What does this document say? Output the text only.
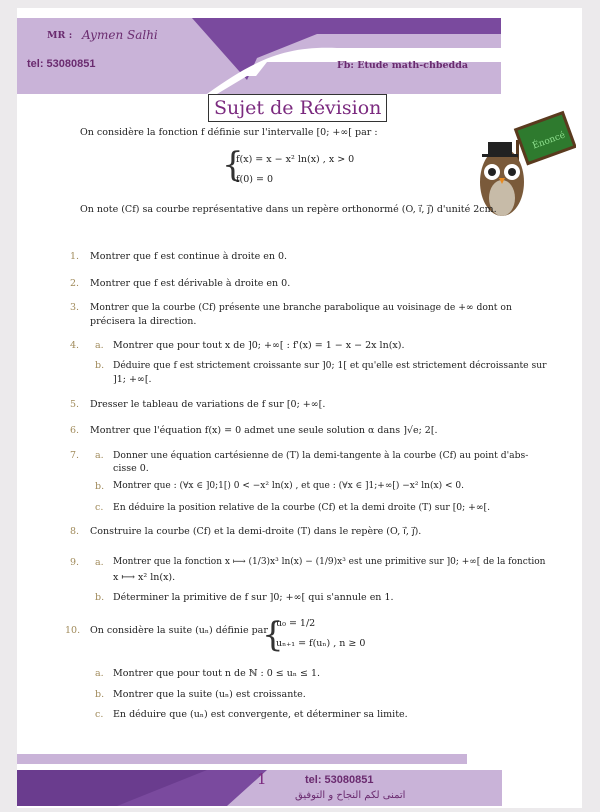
MR : Aymen Salhi
tel: 53080851	Fb: Etude math-chbedda
Sujet de Révision
Énoncé
On considère la fonction f définie sur l'intervalle [0; +∞[ par :
{
f(x) = x − x² ln(x) , x > 0
f(0) = 0
On note (Cf) sa courbe représentative dans un repère orthonormé (O, i⃗, j⃗) d'unité 2cm.
1. Montrer que f est continue à droite en 0.
2. Montrer que f est dérivable à droite en 0.
3. Montrer que la courbe (Cf) présente une branche parabolique au voisinage de +∞ dont on
précisera la direction.
4. a. Montrer que pour tout x de ]0; +∞[ : f'(x) = 1 − x − 2x ln(x).
b. Déduire que f est strictement croissante sur ]0; 1[ et qu'elle est strictement décroissante sur
]1; +∞[.
5. Dresser le tableau de variations de f sur [0; +∞[.
6. Montrer que l'équation f(x) = 0 admet une seule solution α dans ]√e; 2[.
7. a. Donner une équation cartésienne de (T) la demi-tangente à la courbe (Cf) au point d'abs-
cisse 0.
b. Montrer que : (∀x ∈ ]0;1[) 0 < −x² ln(x) , et que : (∀x ∈ ]1;+∞[) −x² ln(x) < 0.
c. En déduire la position relative de la courbe (Cf) et la demi droite (T) sur [0; +∞[.
8. Construire la courbe (Cf) et la demi-droite (T) dans le repère (O, i⃗, j⃗).
9. a. Montrer que la fonction x ⟼ (1/3)x³ ln(x) − (1/9)x³ est une primitive sur ]0; +∞[ de la fonction
x ⟼ x² ln(x).
b. Déterminer la primitive de f sur ]0; +∞[ qui s'annule en 1.
10. On considère la suite (uₙ) définie par :
{
u₀ = 1/2
uₙ₊₁ = f(uₙ) , n ≥ 0
a. Montrer que pour tout n de ℕ : 0 ≤ uₙ ≤ 1.
b. Montrer que la suite (uₙ) est croissante.
c. En déduire que (uₙ) est convergente, et déterminer sa limite.
1	tel: 53080851
اتمنى لكم النجاح و التوفيق
